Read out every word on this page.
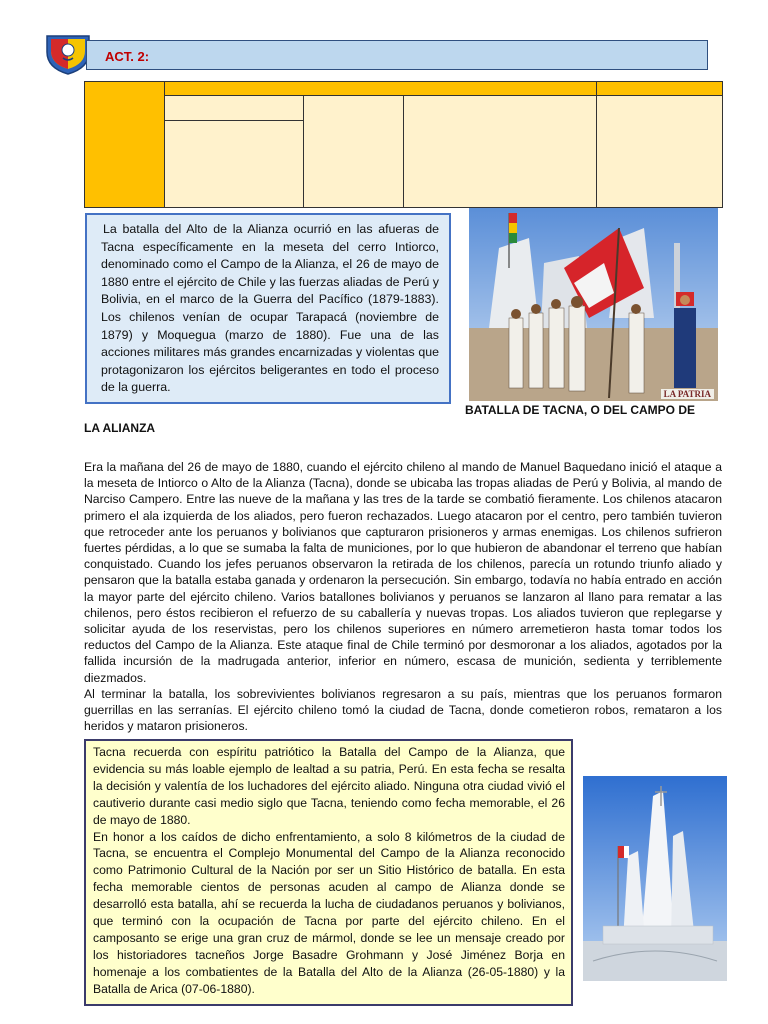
ACT. 2:

La batalla del Alto de la Alianza ocurrió en las afueras de Tacna específicamente en la meseta del cerro Intiorco, denominado como el Campo de la Alianza, el 26 de mayo de 1880 entre el ejército de Chile y las fuerzas aliadas de Perú y Bolivia, en el marco de la Guerra del Pacífico (1879-1883). Los chilenos venían de ocupar Tarapacá (noviembre de 1879) y Moquegua (marzo de 1880). Fue una de las acciones militares más grandes encarnizadas y violentas que protagonizaron los ejércitos beligerantes en todo el proceso de la guerra.	LA PATRIA
BATALLA DE TACNA, O DEL CAMPO DE
LA ALIANZA

Era la mañana del 26 de mayo de 1880, cuando el ejército chileno al mando de Manuel Baquedano inició el ataque a la meseta de Intiorco o Alto de la Alianza (Tacna), donde se ubicaba las tropas aliadas de Perú y Bolivia, al mando de Narciso Campero. Entre las nueve de la mañana y las tres de la tarde se combatió fieramente. Los chilenos atacaron primero el ala izquierda de los aliados, pero fueron rechazados. Luego atacaron por el centro, pero también tuvieron que retroceder ante los peruanos y bolivianos que capturaron prisioneros y armas enemigas. Los chilenos sufrieron fuertes pérdidas, a lo que se sumaba la falta de municiones, por lo que hubieron de abandonar el terreno que habían conquistado. Cuando los jefes peruanos observaron la retirada de los chilenos, parecía un rotundo triunfo aliado y pensaron que la batalla estaba ganada y ordenaron la persecución. Sin embargo, todavía no había entrado en acción la mayor parte del ejército chileno. Varios batallones bolivianos y peruanos se lanzaron al llano para rematar a las chilenos, pero éstos recibieron el refuerzo de su caballería y nuevas tropas. Los aliados tuvieron que replegarse y solicitar ayuda de los reservistas, pero los chilenos superiores en número arremetieron hasta tomar todos los reductos del Campo de la Alianza. Este ataque final de Chile terminó por desmoronar a los aliados, agotados por la fallida incursión de la madrugada anterior, inferior en número, escasa de munición, sedienta y terriblemente diezmados.

Al terminar la batalla, los sobrevivientes bolivianos regresaron a su país, mientras que los peruanos formaron guerrillas en las serranías. El ejército chileno tomó la ciudad de Tacna, donde cometieron robos, remataron a los heridos y mataron prisioneros.

Tacna recuerda con espíritu patriótico la Batalla del Campo de la Alianza, que evidencia su más loable ejemplo de lealtad a su patria, Perú. En esta fecha se resalta la decisión y valentía de los luchadores del ejército aliado. Ninguna otra ciudad vivió el cautiverio durante casi medio siglo que Tacna, teniendo como fecha memorable, el 26 de mayo de 1880.

En honor a los caídos de dicho enfrentamiento, a solo 8 kilómetros de la ciudad de Tacna, se encuentra el Complejo Monumental del Campo de la Alianza reconocido como Patrimonio Cultural de la Nación por ser un Sitio Histórico de batalla. En esta fecha memorable cientos de personas acuden al campo de Alianza donde se desarrolló esta batalla, ahí se recuerda la lucha de ciudadanos peruanos y bolivianos, que terminó con la ocupación de Tacna por parte del ejército chileno. En el camposanto se erige una gran cruz de mármol, donde se lee un mensaje creado por los historiadores tacneños Jorge Basadre Grohmann y José Jiménez Borja en homenaje a los combatientes de la Batalla del Alto de la Alianza (26-05-1880) y la Batalla de Arica (07-06-1880).
